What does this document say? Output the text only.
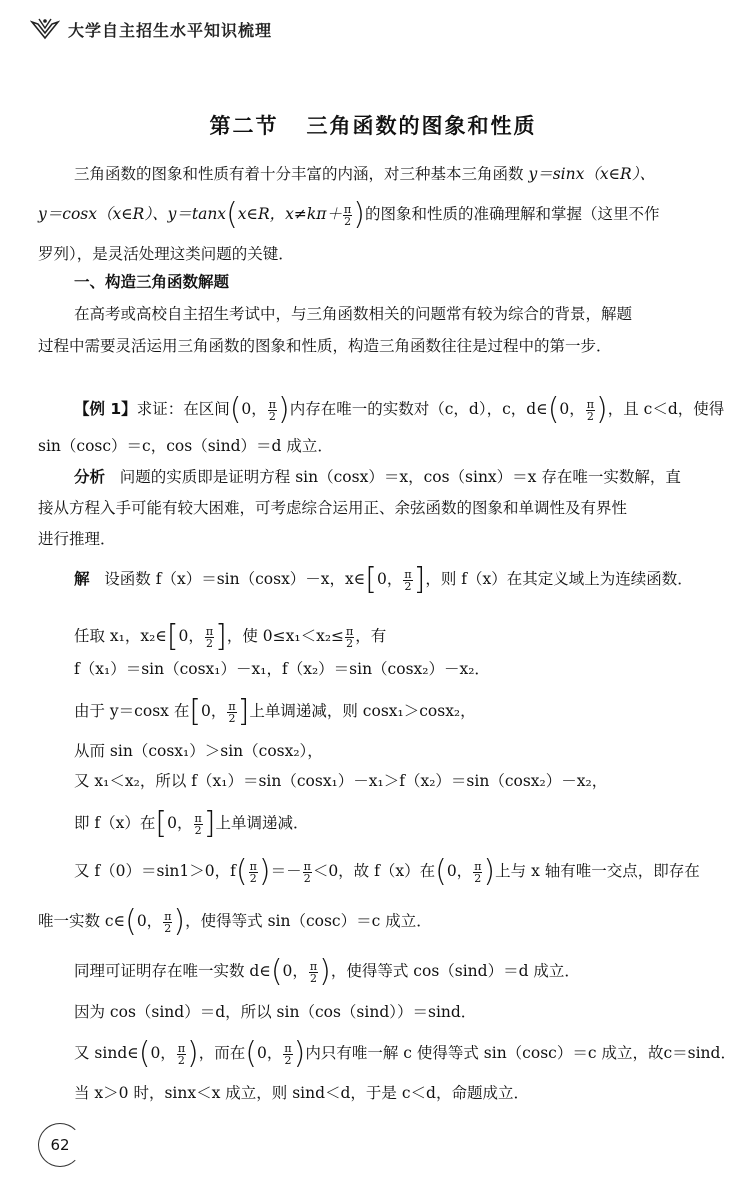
大学自主招生水平知识梳理
第二节 三角函数的图象和性质
三角函数的图象和性质有着十分丰富的内涵，对三种基本三角函数 y＝sinx（x∈R）、
y＝cosx（x∈R）、y＝tanx(x∈R，$x\ne k\pi+ \frac{\pi}{2}$ )的图象和性质的准确理解和掌握（这里不作
罗列），是灵活处理这类问题的关键．
一、构造三角函数解题
在高考或高校自主招生考试中，与三角函数相关的问题常有较为综合的背景，解题
过程中需要灵活运用三角函数的图象和性质，构造三角函数往往是过程中的第一步．
【例 1】求证：在区间(0， $\frac{\pi}{2}$ )内存在唯一的实数对（c，d），c，d∈(0， $\frac{\pi}{2}$ )，且 c＜d，使得
sin（cosc）＝c，cos（sind）＝d 成立．
分析 问题的实质即是证明方程 sin（cosx）＝x，cos（sinx）＝x 存在唯一实数解，直
接从方程入手可能有较大困难，可考虑综合运用正、余弦函数的图象和单调性及有界性
进行推理．
解 设函数 f（x）＝sin（cosx）－x，x∈[0， $\frac{\pi}{2}$ ]，则 f（x）在其定义域上为连续函数．
任取 x₁，x₂∈[0， $\frac{\pi}{2}$ ]，使 $0\le x_1<x_2\le \frac{\pi}{2}$ ，有
f（x₁）＝sin（cosx₁）－x₁，f（x₂）＝sin（cosx₂）－x₂．
由于 y＝cosx 在[0， $\frac{\pi}{2}$ ]上单调递减，则 cosx₁＞cosx₂，
从而 sin（cosx₁）＞sin（cosx₂），
又 x₁＜x₂，所以 f（x₁）＝sin（cosx₁）－x₁＞f（x₂）＝sin（cosx₂）－x₂，
即 f（x）在[0， $\frac{\pi}{2}$ ]上单调递减．
又 f（0）＝sin1＞0，$f( \frac{\pi}{2}$ )＝－ $\frac{\pi}{2} <0$，故 f（x）在(0， $\frac{\pi}{2}$ )上与 x 轴有唯一交点，即存在
唯一实数 c∈(0， $\frac{\pi}{2}$ )，使得等式 sin（cosc）＝c 成立．
同理可证明存在唯一实数 d∈(0， $\frac{\pi}{2}$ )，使得等式 cos（sind）＝d 成立．
因为 cos（sind）＝d，所以 sin（cos（sind））＝sind．
又 sind∈(0， $\frac{\pi}{2}$ )，而在(0， $\frac{\pi}{2}$ )内只有唯一解 c 使得等式 sin（cosc）＝c 成立，故c＝sind．
当 x＞0 时，sinx＜x 成立，则 sind＜d，于是 c＜d，命题成立．
62
